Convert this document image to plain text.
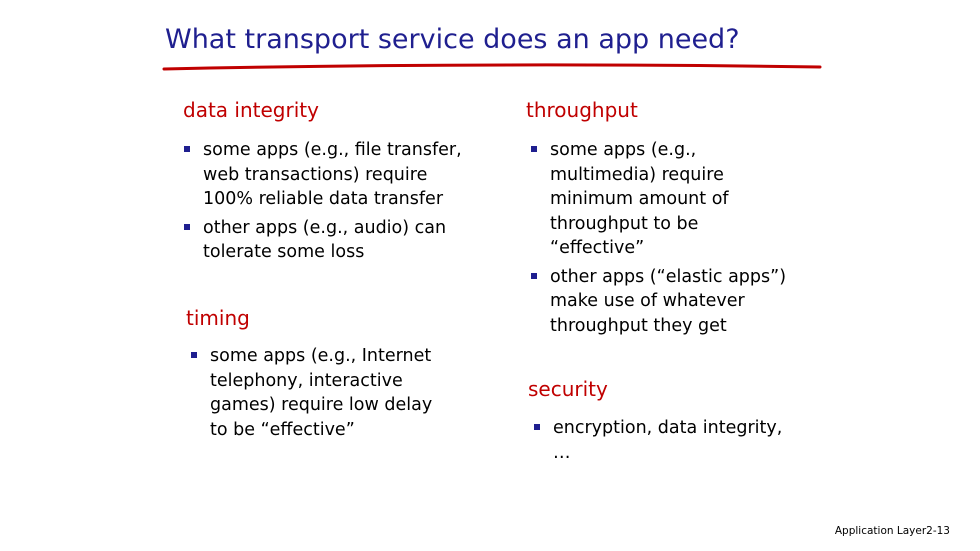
What transport service does an app need?
data integrity
some apps (e.g., file transfer,
web transactions) require
100% reliable data transfer
other apps (e.g., audio) can
tolerate some loss
timing
some apps (e.g., Internet
telephony, interactive
games) require low delay
to be “effective”
throughput
some apps (e.g.,
multimedia) require
minimum amount of
throughput to be
“effective”
other apps (“elastic apps”)
make use of whatever
throughput they get
security
encryption, data integrity,
…
Application Layer2-13
